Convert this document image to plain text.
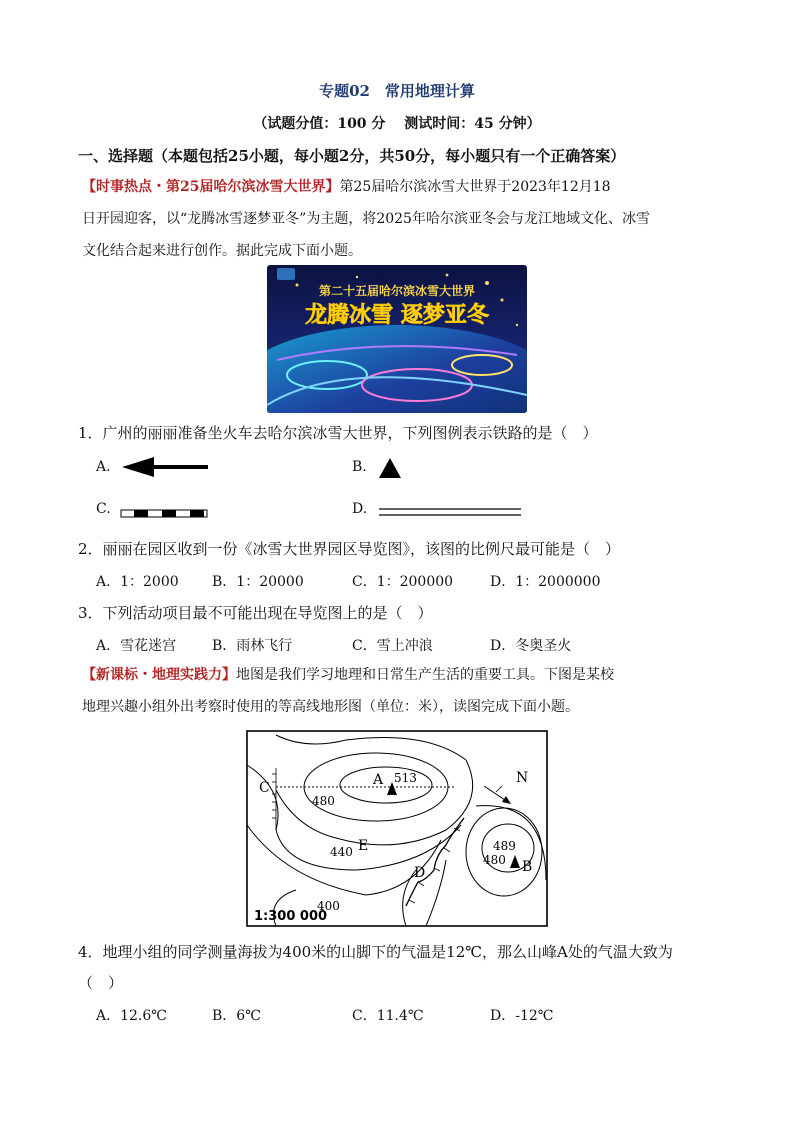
专题02　常用地理计算
（试题分值：100 分　 测试时间：45 分钟）
一、选择题（本题包括25小题，每小题2分，共50分，每小题只有一个正确答案）
【时事热点・第25届哈尔滨冰雪大世界】第25届哈尔滨冰雪大世界于2023年12月18
日开园迎客，以“龙腾冰雪逐梦亚冬”为主题，将2025年哈尔滨亚冬会与龙江地域文化、冰雪
文化结合起来进行创作。据此完成下面小题。
第二十五届哈尔滨冰雪大世界
龙腾冰雪 逐梦亚冬
1．广州的丽丽准备坐火车去哈尔滨冰雪大世界，下列图例表示铁路的是（　）
A.	B.
C.	D.
2．丽丽在园区收到一份《冰雪大世界园区导览图》，该图的比例尺最可能是（　）
A．1：2000 B．1：20000	C．1：200000	D．1：2000000
3．下列活动项目最不可能出现在导览图上的是（　）
A．雪花迷宫	B．雨林飞行	C．雪上冲浪	D．冬奥圣火
【新课标・地理实践力】地图是我们学习地理和日常生产生活的重要工具。下图是某校
地理兴趣小组外出考察时使用的等高线地形图（单位：米），读图完成下面小题。
A 513
480
C
440 E
D
400
489
480 B
N
1:300 000
4．地理小组的同学测量海拔为400米的山脚下的气温是12℃，那么山峰A处的气温大致为
（　）
A．12.6℃	B．6℃	C．11.4℃	D．-12℃
